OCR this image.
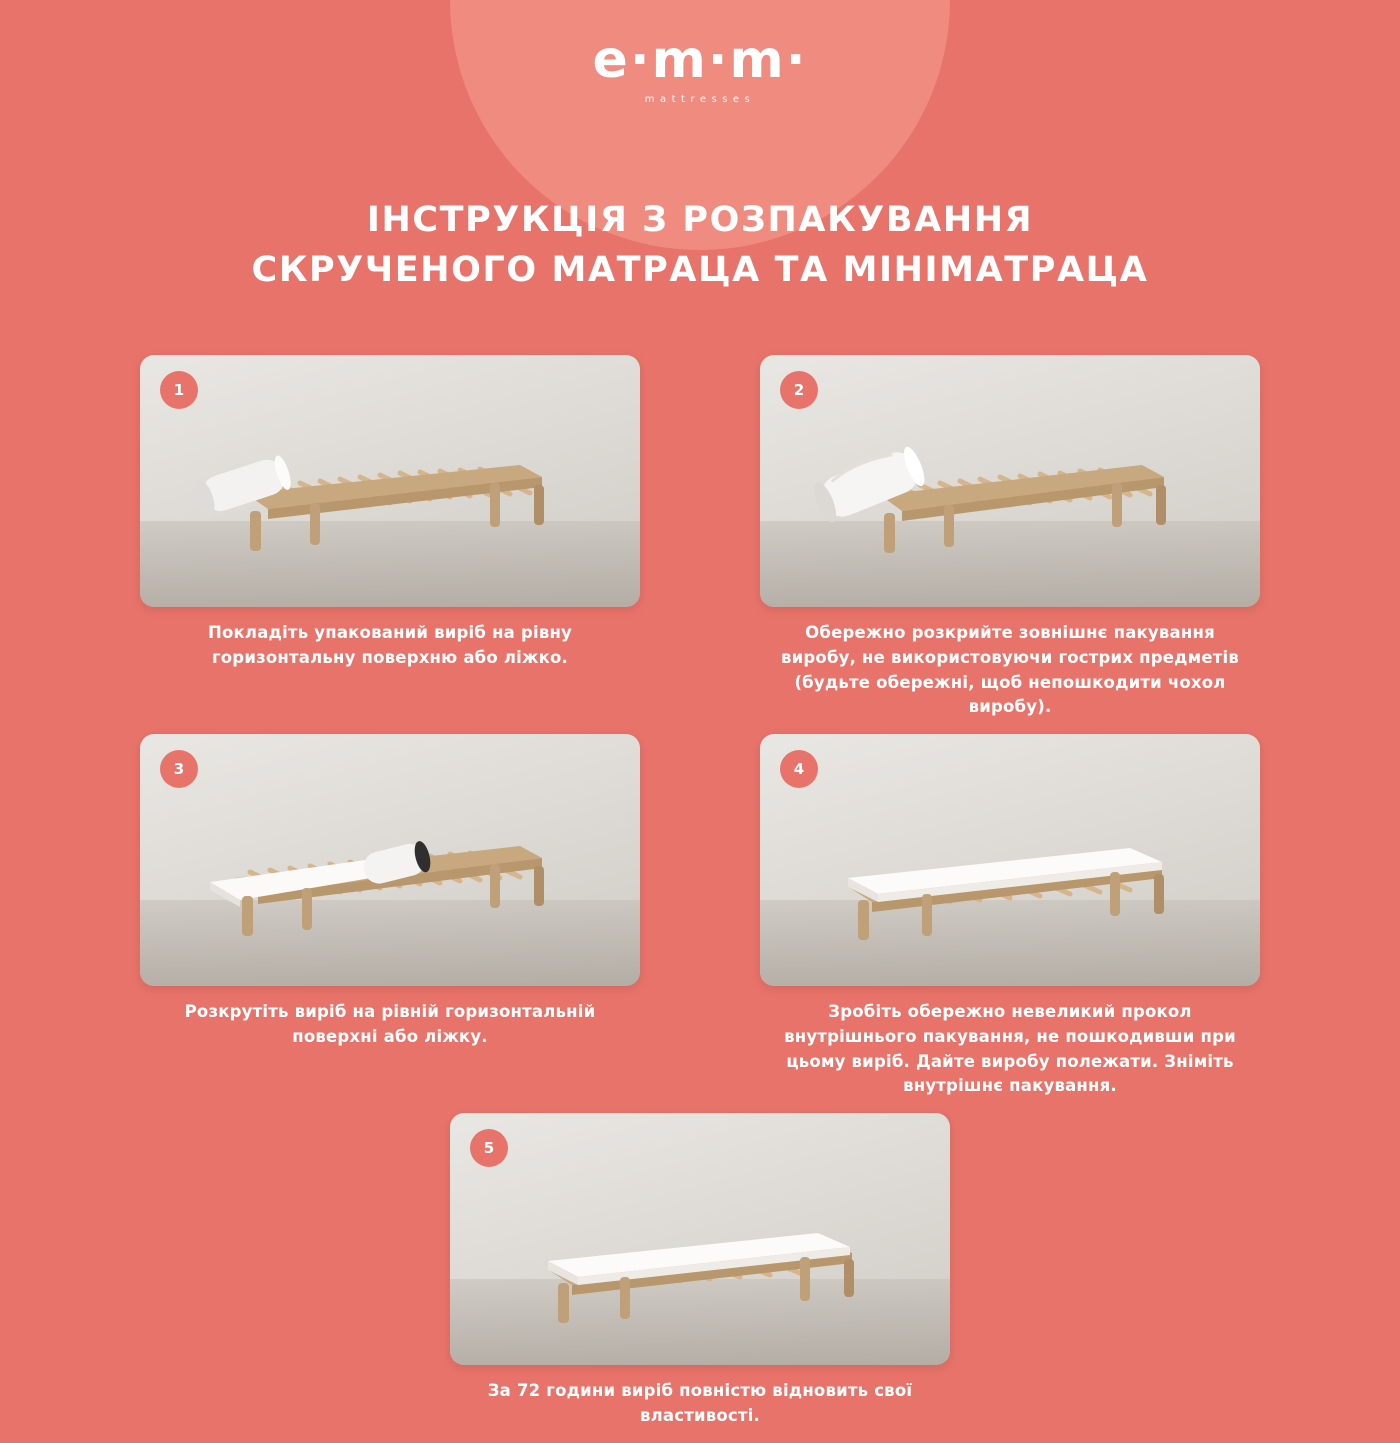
e·m·m·
mattresses
ІНСТРУКЦІЯ З РОЗПАКУВАННЯ
СКРУЧЕНОГО МАТРАЦА ТА МІНІМАТРАЦА
1

Покладіть упакований виріб на рівну горизонтальну поверхню або ліжко.

2

Обережно розкрийте зовнішнє пакування виробу, не використовуючи гострих предметів (будьте обережні, щоб непошкодити чохол виробу).

3

Розкрутіть виріб на рівній горизонтальній поверхні або ліжку.

4

Зробіть обережно невеликий прокол внутрішнього пакування, не пошкодивши при цьому виріб. Дайте виробу полежати. Зніміть внутрішнє пакування.

5

За 72 години виріб повністю відновить свої властивості.
